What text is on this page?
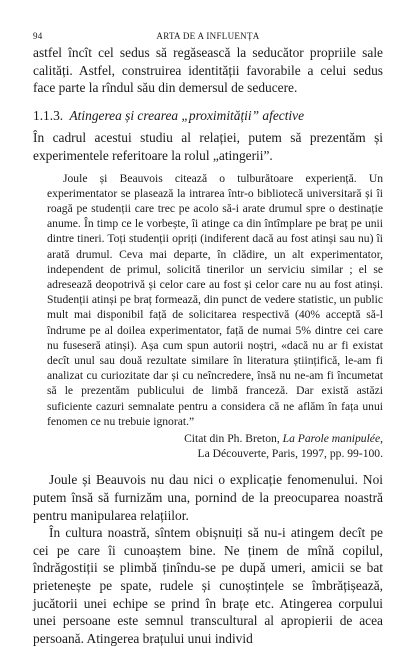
94	ARTA DE A INFLUENȚA

astfel încît cel sedus să regăsească la seducător propriile sale calități. Astfel, construirea identității favorabile a celui sedus face parte la rîndul său din demersul de seducere.

1.1.3. Atingerea și crearea „proximității” afective

În cadrul acestui studiu al relației, putem să prezentăm și experimentele referitoare la rolul „atingerii”.

Joule și Beauvois citează o tulburătoare experiență. Un experimentator se plasează la intrarea într-o bibliotecă universitară și îi roagă pe studenții care trec pe acolo să-i arate drumul spre o destinație anume. În timp ce le vorbește, îi atinge ca din întîmplare pe braț pe unii dintre tineri. Toți studenții opriți (indiferent dacă au fost atinși sau nu) îi arată drumul. Ceva mai departe, în clădire, un alt experimentator, independent de primul, solicită tinerilor un serviciu similar ; el se adresează deopotrivă și celor care au fost și celor care nu au fost atinși. Studenții atinși pe braț formează, din punct de vedere statistic, un public mult mai disponibil față de solicitarea respectivă (40% acceptă să-l îndrume pe al doilea experimentator, față de numai 5% dintre cei care nu fuseseră atinși). Așa cum spun autorii noștri, «dacă nu ar fi existat decît unul sau două rezultate similare în literatura științifică, le-am fi analizat cu curiozitate dar și cu neîncredere, însă nu ne-am fi încumetat să le prezentăm publicului de limbă franceză. Dar există astăzi suficiente cazuri semnalate pentru a considera că ne aflăm în fața unui fenomen ce nu trebuie ignorat.”

Citat din Ph. Breton, La Parole manipulée,
La Découverte, Paris, 1997, pp. 99-100.

Joule și Beauvois nu dau nici o explicație fenomenului. Noi putem însă să furnizăm una, pornind de la preocuparea noastră pentru manipularea relațiilor.

În cultura noastră, sîntem obișnuiți să nu-i atingem decît pe cei pe care îi cunoaștem bine. Ne ținem de mînă copilul, îndrăgostiții se plimbă ținîndu-se pe după umeri, amicii se bat prietenește pe spate, rudele și cunoștințele se îmbrățișează, jucătorii unei echipe se prind în brațe etc. Atingerea corpului unei persoane este semnul transcultural al apropierii de acea persoană. Atingerea brațului unui individ
